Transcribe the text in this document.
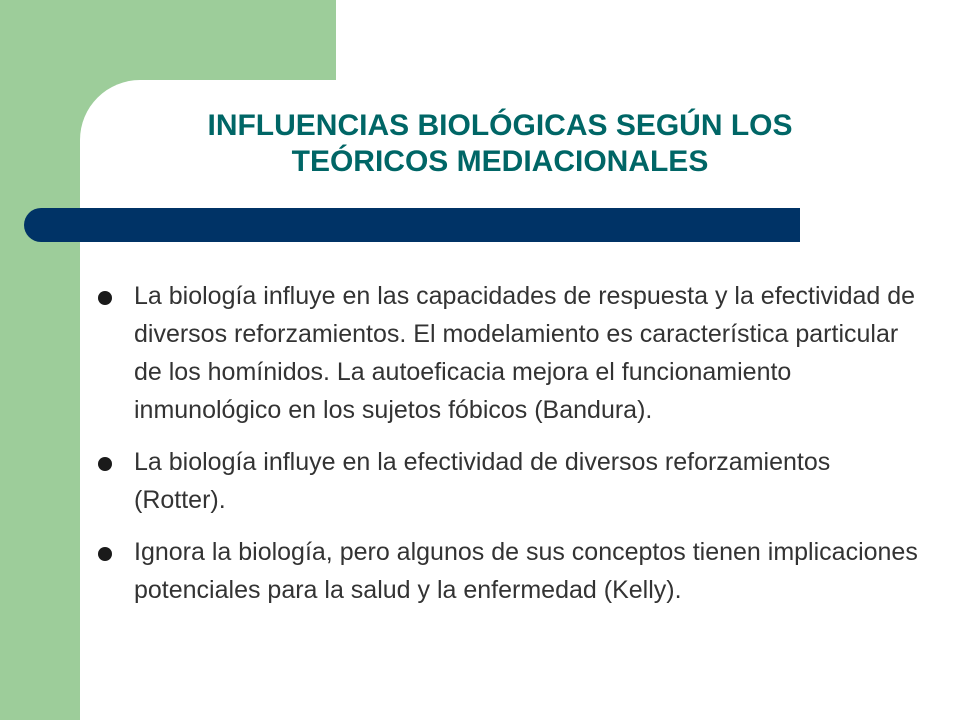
INFLUENCIAS BIOLÓGICAS SEGÚN LOS
TEÓRICOS MEDIACIONALES
La biología influye en las capacidades de respuesta y la efectividad de diversos reforzamientos. El modelamiento es característica particular de los homínidos. La autoeficacia mejora el funcionamiento inmunológico en los sujetos fóbicos (Bandura).
La biología influye en la efectividad de diversos reforzamientos (Rotter).
Ignora la biología, pero algunos de sus conceptos tienen implicaciones potenciales para la salud y la enfermedad (Kelly).
